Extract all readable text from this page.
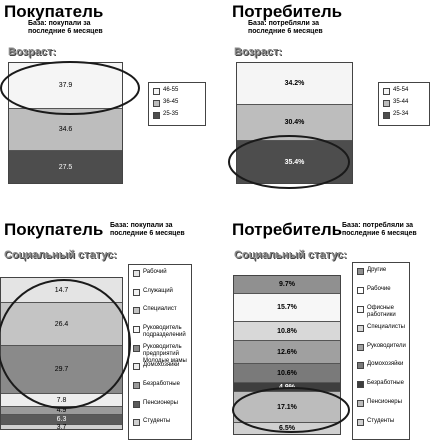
Покупатель
База: покупали за последние 6 месяцев
Возраст:
37.9
34.6
27.5
46-55
36-45
25-35
Потребитель
База: потребляли за последние 6 месяцев
Возраст:
34.2%
30.4%
35.4%
45-54
35-44
25-34
Покупатель База: покупали за последние 6 месяцев
Социальный статус:
14.7
26.4
29.7
7.8
4.9
6.3
3.7
Рабочий
Служащий
Специалист
Руководитель подразделений
Руководитель предприятий Молодые мамы
Домохозяйки
Безработные
Пенсионеры
Студенты
Потребитель База: потребляли за последние 6 месяцев
Социальный статус:
9.7%
15.7%
10.8%
12.6%
10.6%
4.9%
17.1%
6.5%
Другие
Рабочие
Офисные работники
Специалисты
Руководители
Домохозяйки
Безработные
Пенсионеры
Студенты
